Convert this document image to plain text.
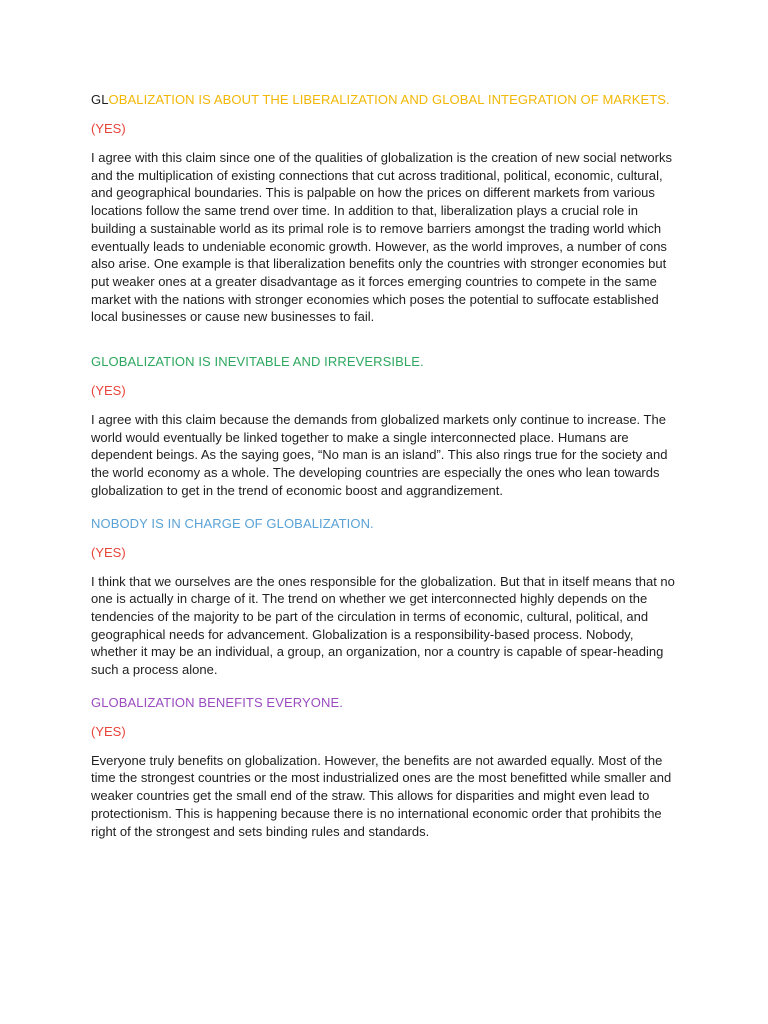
GLOBALIZATION IS ABOUT THE LIBERALIZATION AND GLOBAL INTEGRATION OF MARKETS.

(YES)

I agree with this claim since one of the qualities of globalization is the creation of new social networks and the multiplication of existing connections that cut across traditional, political, economic, cultural, and geographical boundaries. This is palpable on how the prices on different markets from various locations follow the same trend over time. In addition to that, liberalization plays a crucial role in building a sustainable world as its primal role is to remove barriers amongst the trading world which eventually leads to undeniable economic growth. However, as the world improves, a number of cons also arise. One example is that liberalization benefits only the countries with stronger economies but put weaker ones at a greater disadvantage as it forces emerging countries to compete in the same market with the nations with stronger economies which poses the potential to suffocate established local businesses or cause new businesses to fail.

GLOBALIZATION IS INEVITABLE AND IRREVERSIBLE.

(YES)

I agree with this claim because the demands from globalized markets only continue to increase. The world would eventually be linked together to make a single interconnected place. Humans are dependent beings. As the saying goes, “No man is an island”. This also rings true for the society and the world economy as a whole. The developing countries are especially the ones who lean towards globalization to get in the trend of economic boost and aggrandizement.

NOBODY IS IN CHARGE OF GLOBALIZATION.

(YES)

I think that we ourselves are the ones responsible for the globalization. But that in itself means that no one is actually in charge of it. The trend on whether we get interconnected highly depends on the tendencies of the majority to be part of the circulation in terms of economic, cultural, political, and geographical needs for advancement. Globalization is a responsibility-based process. Nobody, whether it may be an individual, a group, an organization, nor a country is capable of spear-heading such a process alone.

GLOBALIZATION BENEFITS EVERYONE.

(YES)

Everyone truly benefits on globalization. However, the benefits are not awarded equally. Most of the time the strongest countries or the most industrialized ones are the most benefitted while smaller and weaker countries get the small end of the straw. This allows for disparities and might even lead to protectionism. This is happening because there is no international economic order that prohibits the right of the strongest and sets binding rules and standards.
